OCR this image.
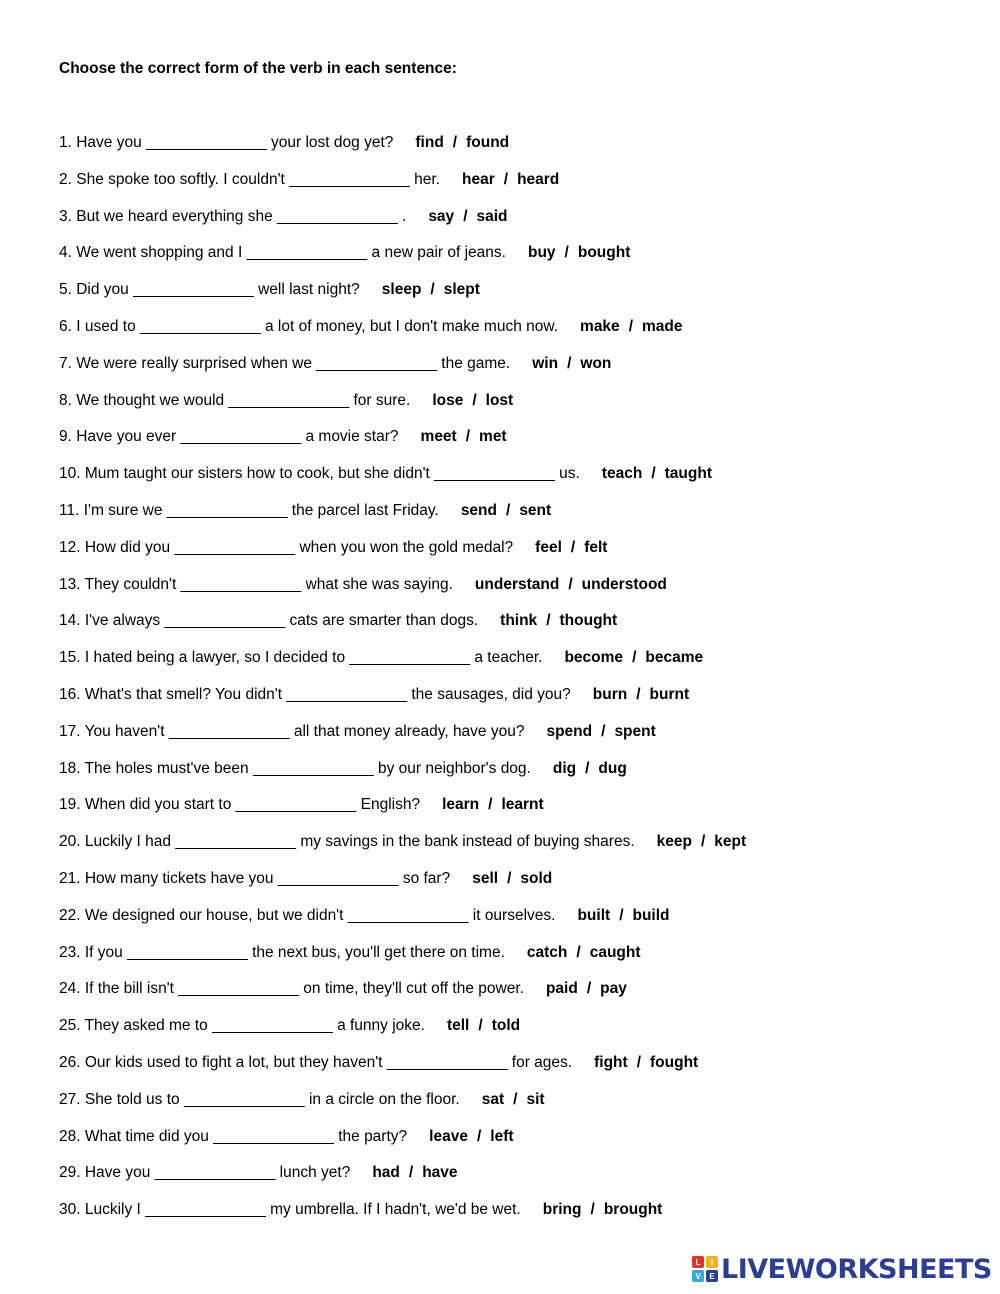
Choose the correct form of the verb in each sentence:
1. Have you ______________ your lost dog yet? find / found
2. She spoke too softly. I couldn't ______________ her. hear / heard
3. But we heard everything she ______________ . say / said
4. We went shopping and I ______________ a new pair of jeans. buy / bought
5. Did you ______________ well last night? sleep / slept
6. I used to ______________ a lot of money, but I don't make much now. make / made
7. We were really surprised when we ______________ the game. win / won
8. We thought we would ______________ for sure. lose / lost
9. Have you ever ______________ a movie star? meet / met
10. Mum taught our sisters how to cook, but she didn't ______________ us. teach / taught
11. I'm sure we ______________ the parcel last Friday. send / sent
12. How did you ______________ when you won the gold medal? feel / felt
13. They couldn't ______________ what she was saying. understand / understood
14. I've always ______________ cats are smarter than dogs. think / thought
15. I hated being a lawyer, so I decided to ______________ a teacher. become / became
16. What's that smell? You didn't ______________ the sausages, did you? burn / burnt
17. You haven't ______________ all that money already, have you? spend / spent
18. The holes must've been ______________ by our neighbor's dog. dig / dug
19. When did you start to ______________ English? learn / learnt
20. Luckily I had ______________ my savings in the bank instead of buying shares. keep / kept
21. How many tickets have you ______________ so far? sell / sold
22. We designed our house, but we didn't ______________ it ourselves. built / build
23. If you ______________ the next bus, you'll get there on time. catch / caught
24. If the bill isn't ______________ on time, they'll cut off the power. paid / pay
25. They asked me to ______________ a funny joke. tell / told
26. Our kids used to fight a lot, but they haven't ______________ for ages. fight / fought
27. She told us to ______________ in a circle on the floor. sat / sit
28. What time did you ______________ the party? leave / left
29. Have you ______________ lunch yet? had / have
30. Luckily I ______________ my umbrella. If I hadn't, we'd be wet. bring / brought
L	I
V	E LIVEWORKSHEETS
